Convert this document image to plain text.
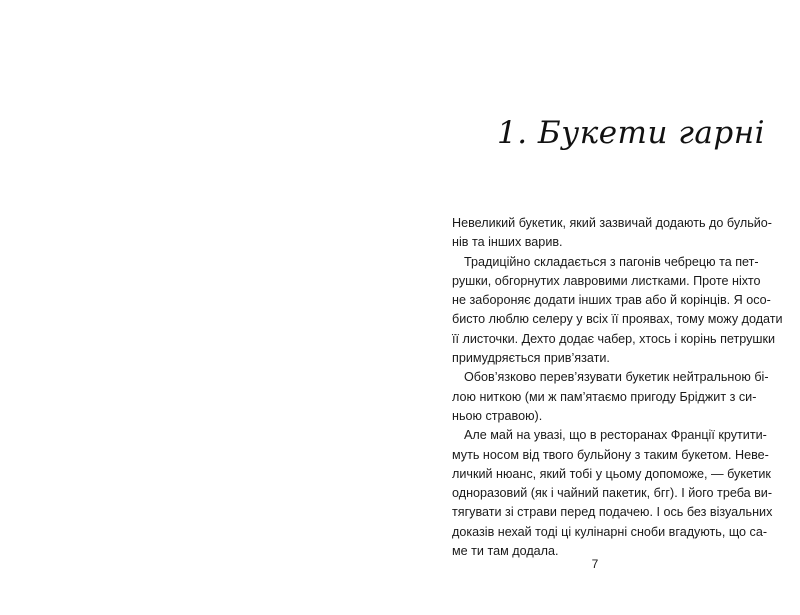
1. Букети гарні
Невеликий букетик, який зазвичай додають до бульйо-
нів та інших варив.
Традиційно складається з пагонів чебрецю та пет-
рушки, обгорнутих лавровими листками. Проте ніхто
не забороняє додати інших трав або й корінців. Я осо-
бисто люблю селеру у всіх її проявах, тому можу додати
її листочки. Дехто додає чабер, хтось і корінь петрушки
примудряється прив’язати.
Обов’язково перев’язувати букетик нейтральною бі-
лою ниткою (ми ж пам’ятаємо пригоду Бріджит з си-
ньою стравою).
Але май на увазі, що в ресторанах Франції крутити-
муть носом від твого бульйону з таким букетом. Неве-
личкий нюанс, який тобі у цьому допоможе, — букетик
одноразовий (як і чайний пакетик, бгг). І його треба ви-
тягувати зі страви перед подачею. І ось без візуальних
доказів нехай тоді ці кулінарні сноби вгадують, що са-
ме ти там додала.
7
